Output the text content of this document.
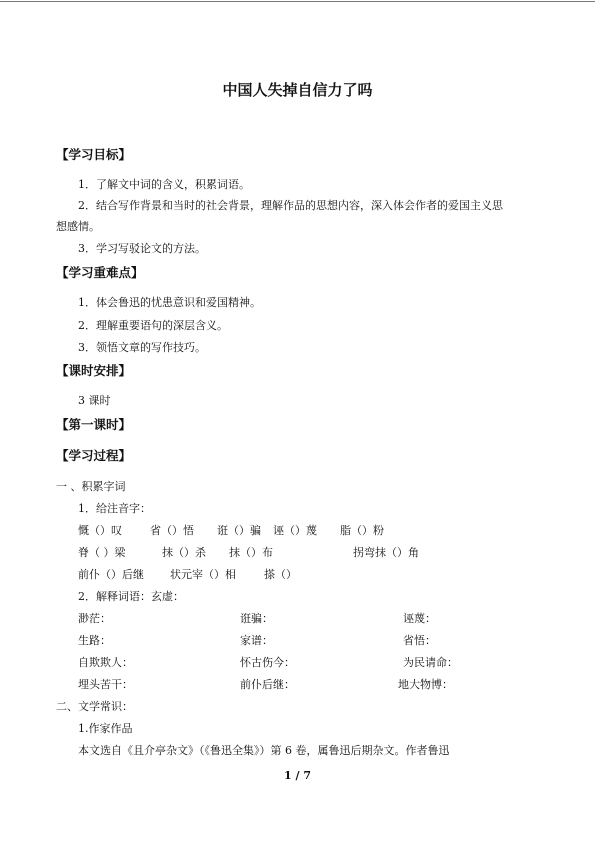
中国人失掉自信力了吗
【学习目标】
1．了解文中词的含义，积累词语。
2．结合写作背景和当时的社会背景，理解作品的思想内容，深入体会作者的爱国主义思
想感情。
3．学习写驳论文的方法。
【学习重难点】
1．体会鲁迅的忧患意识和爱国精神。
2．理解重要语句的深层含义。
3．领悟文章的写作技巧。
【课时安排】
3 课时
【第一课时】
【学习过程】
一 、积累字词
1．给注音字：
慨（）叹	省（）悟 诳（）骗 诬（）蔑 脂（）粉
脊（ ）梁	抹（）杀 抹（）布	拐弯抹（）角
前仆（）后继 状元宰（）相	搽（）
2．解释词语：玄虚：
渺茫：	诳骗：	诬蔑：
生路：	家谱：	省悟：
自欺欺人：	怀古伤今：	为民请命：
埋头苦干：	前仆后继：	地大物博：
二、文学常识：
1.作家作品
本文选自《且介亭杂文》（《鲁迅全集》）第 6 卷，属鲁迅后期杂文。作者鲁迅
1 / 7
